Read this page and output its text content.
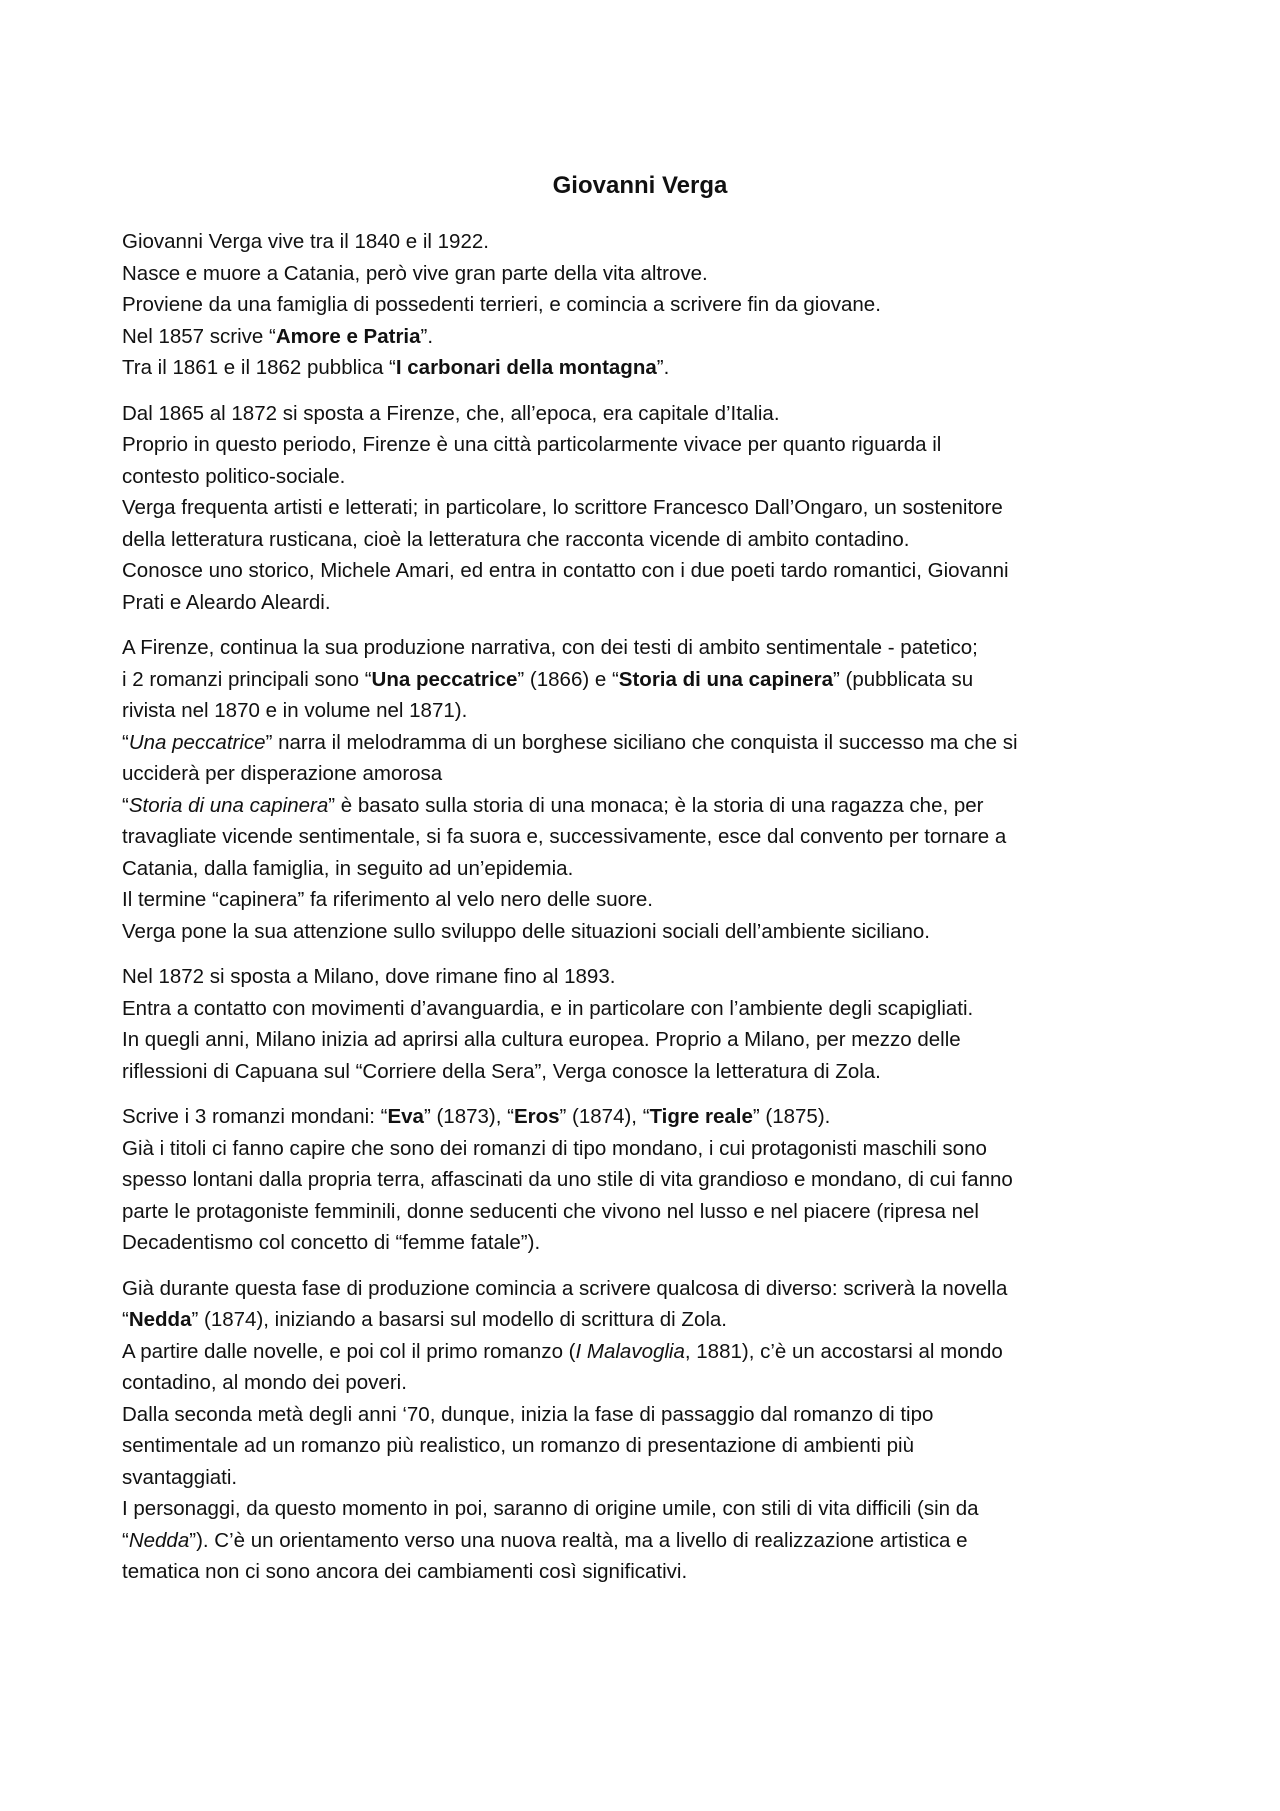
Giovanni Verga
Giovanni Verga vive tra il 1840 e il 1922.
Nasce e muore a Catania, però vive gran parte della vita altrove.
Proviene da una famiglia di possedenti terrieri, e comincia a scrivere fin da giovane.
Nel 1857 scrive “Amore e Patria”.
Tra il 1861 e il 1862 pubblica “I carbonari della montagna”.
Dal 1865 al 1872 si sposta a Firenze, che, all’epoca, era capitale d’Italia.
Proprio in questo periodo, Firenze è una città particolarmente vivace per quanto riguarda il
contesto politico-sociale.
Verga frequenta artisti e letterati; in particolare, lo scrittore Francesco Dall’Ongaro, un sostenitore
della letteratura rusticana, cioè la letteratura che racconta vicende di ambito contadino.
Conosce uno storico, Michele Amari, ed entra in contatto con i due poeti tardo romantici, Giovanni
Prati e Aleardo Aleardi.
A Firenze, continua la sua produzione narrativa, con dei testi di ambito sentimentale - patetico;
i 2 romanzi principali sono “Una peccatrice” (1866) e “Storia di una capinera” (pubblicata su
rivista nel 1870 e in volume nel 1871).
“Una peccatrice” narra il melodramma di un borghese siciliano che conquista il successo ma che si
ucciderà per disperazione amorosa
“Storia di una capinera” è basato sulla storia di una monaca; è la storia di una ragazza che, per
travagliate vicende sentimentale, si fa suora e, successivamente, esce dal convento per tornare a
Catania, dalla famiglia, in seguito ad un’epidemia.
Il termine “capinera” fa riferimento al velo nero delle suore.
Verga pone la sua attenzione sullo sviluppo delle situazioni sociali dell’ambiente siciliano.
Nel 1872 si sposta a Milano, dove rimane fino al 1893.
Entra a contatto con movimenti d’avanguardia, e in particolare con l’ambiente degli scapigliati.
In quegli anni, Milano inizia ad aprirsi alla cultura europea. Proprio a Milano, per mezzo delle
riflessioni di Capuana sul “Corriere della Sera”, Verga conosce la letteratura di Zola.
Scrive i 3 romanzi mondani: “Eva” (1873), “Eros” (1874), “Tigre reale” (1875).
Già i titoli ci fanno capire che sono dei romanzi di tipo mondano, i cui protagonisti maschili sono
spesso lontani dalla propria terra, affascinati da uno stile di vita grandioso e mondano, di cui fanno
parte le protagoniste femminili, donne seducenti che vivono nel lusso e nel piacere (ripresa nel
Decadentismo col concetto di “femme fatale”).
Già durante questa fase di produzione comincia a scrivere qualcosa di diverso: scriverà la novella
“Nedda” (1874), iniziando a basarsi sul modello di scrittura di Zola.
A partire dalle novelle, e poi col il primo romanzo (I Malavoglia, 1881), c’è un accostarsi al mondo
contadino, al mondo dei poveri.
Dalla seconda metà degli anni ‘70, dunque, inizia la fase di passaggio dal romanzo di tipo
sentimentale ad un romanzo più realistico, un romanzo di presentazione di ambienti più
svantaggiati.
I personaggi, da questo momento in poi, saranno di origine umile, con stili di vita difficili (sin da
“Nedda”). C’è un orientamento verso una nuova realtà, ma a livello di realizzazione artistica e
tematica non ci sono ancora dei cambiamenti così significativi.
